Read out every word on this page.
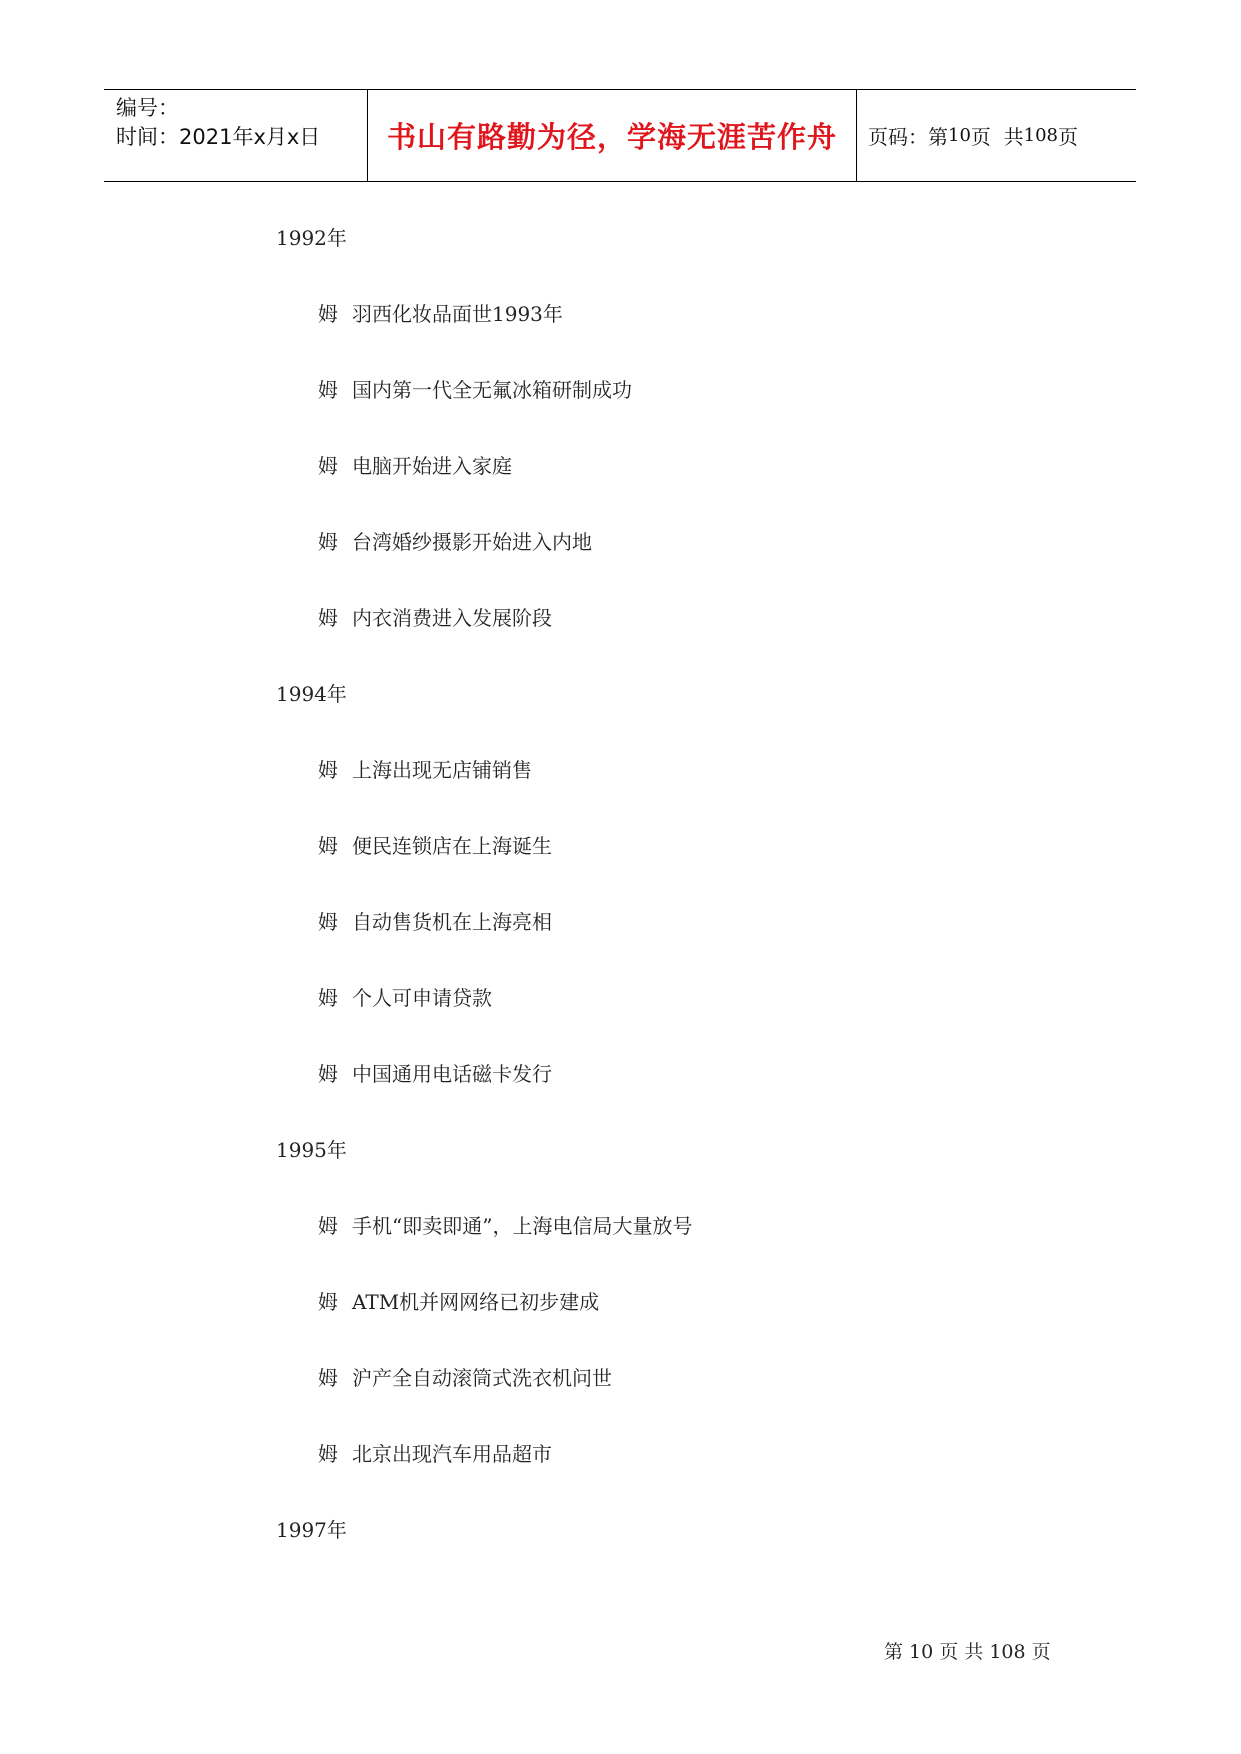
编号：
时间：2021年x月x日	书山有路勤为径，学海无涯苦作舟	页码：第 10 页  共 108 页
1992年
姆 羽西化妆品面世1993年
姆 国内第一代全无氟冰箱研制成功
姆 电脑开始进入家庭
姆 台湾婚纱摄影开始进入内地
姆 内衣消费进入发展阶段
1994年
姆 上海出现无店铺销售
姆 便民连锁店在上海诞生
姆 自动售货机在上海亮相
姆 个人可申请贷款
姆 中国通用电话磁卡发行
1995年
姆 手机“即卖即通”，上海电信局大量放号
姆 ATM机并网网络已初步建成
姆 沪产全自动滚筒式洗衣机问世
姆 北京出现汽车用品超市
1997年
第 10 页 共 108 页
